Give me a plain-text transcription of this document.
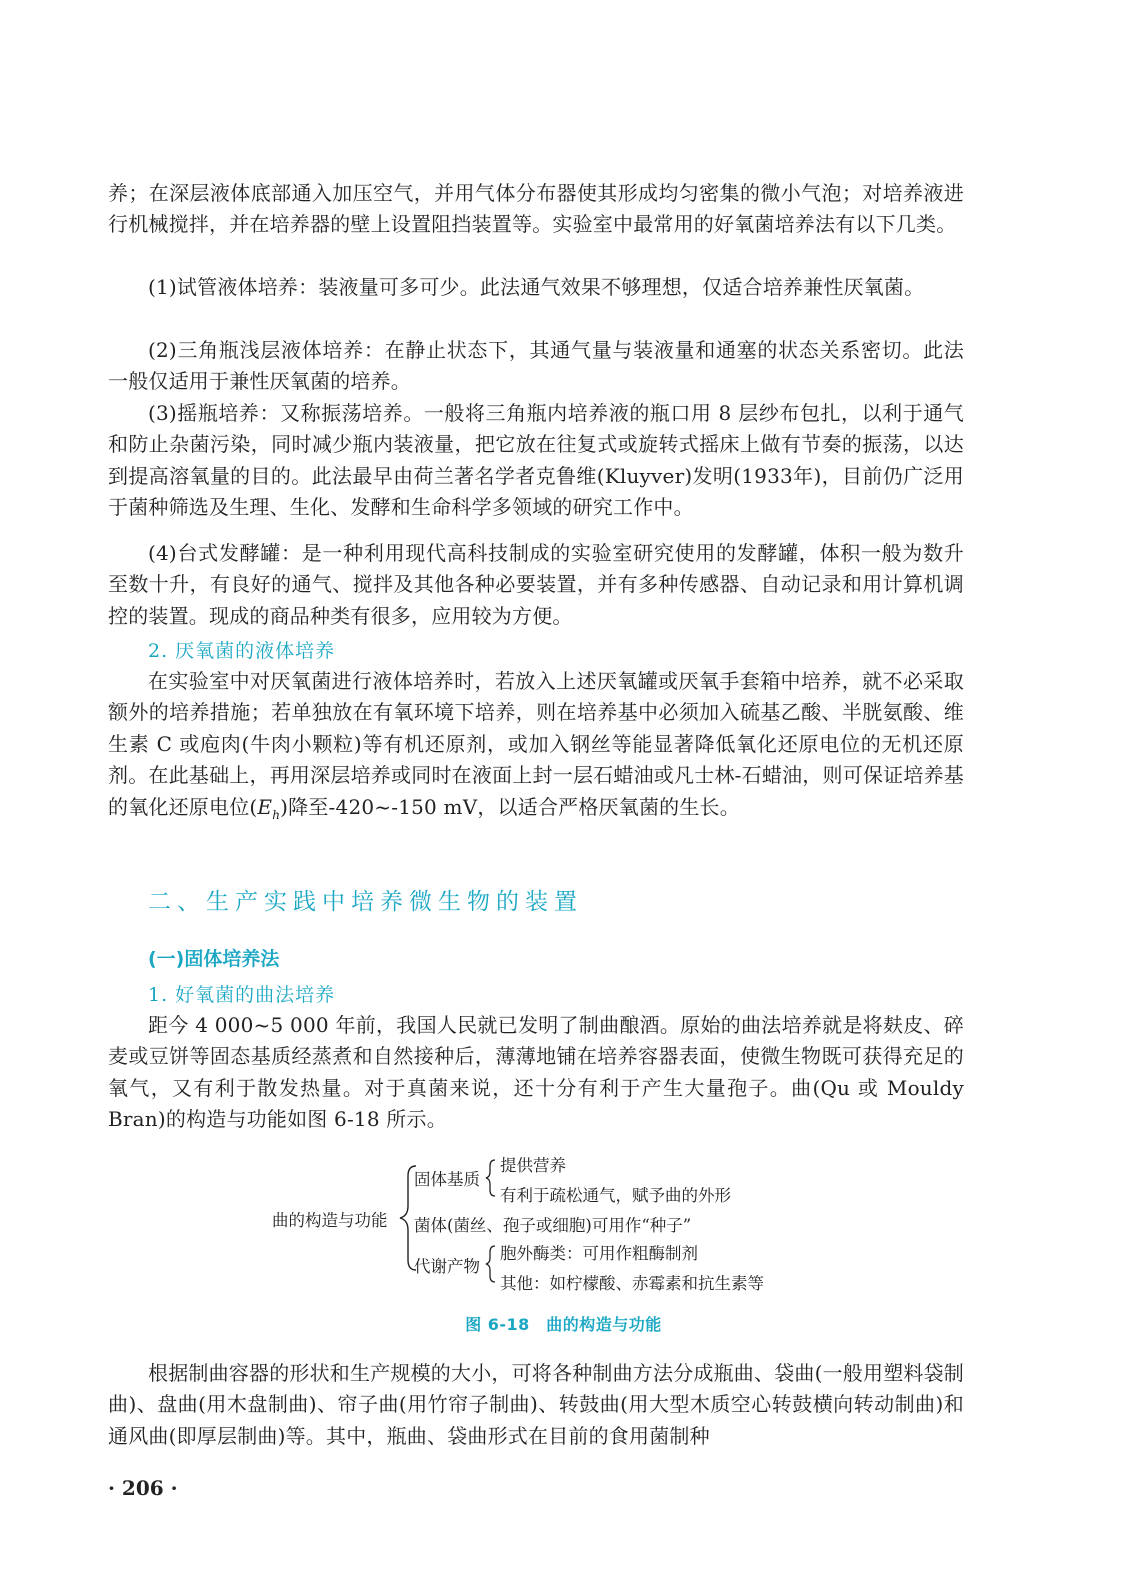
养；在深层液体底部通入加压空气，并用气体分布器使其形成均匀密集的微小气泡；对培养液进行机械搅拌，并在培养器的壁上设置阻挡装置等。实验室中最常用的好氧菌培养法有以下几类。

(1)试管液体培养：装液量可多可少。此法通气效果不够理想，仅适合培养兼性厌氧菌。

(2)三角瓶浅层液体培养：在静止状态下，其通气量与装液量和通塞的状态关系密切。此法一般仅适用于兼性厌氧菌的培养。

(3)摇瓶培养：又称振荡培养。一般将三角瓶内培养液的瓶口用 8 层纱布包扎，以利于通气和防止杂菌污染，同时减少瓶内装液量，把它放在往复式或旋转式摇床上做有节奏的振荡，以达到提高溶氧量的目的。此法最早由荷兰著名学者克鲁维(Kluyver)发明(1933年)，目前仍广泛用于菌种筛选及生理、生化、发酵和生命科学多领域的研究工作中。

(4)台式发酵罐：是一种利用现代高科技制成的实验室研究使用的发酵罐，体积一般为数升至数十升，有良好的通气、搅拌及其他各种必要装置，并有多种传感器、自动记录和用计算机调控的装置。现成的商品种类有很多，应用较为方便。

2. 厌氧菌的液体培养

在实验室中对厌氧菌进行液体培养时，若放入上述厌氧罐或厌氧手套箱中培养，就不必采取额外的培养措施；若单独放在有氧环境下培养，则在培养基中必须加入硫基乙酸、半胱氨酸、维生素 C 或庖肉(牛肉小颗粒)等有机还原剂，或加入钢丝等能显著降低氧化还原电位的无机还原剂。在此基础上，再用深层培养或同时在液面上封一层石蜡油或凡士林-石蜡油，则可保证培养基的氧化还原电位$(E_h)$降至-420~-150 mV，以适合严格厌氧菌的生长。

二、生产实践中培养微生物的装置
(一)固体培养法

1. 好氧菌的曲法培养

距今 4 000~5 000 年前，我国人民就已发明了制曲酿酒。原始的曲法培养就是将麸皮、碎麦或豆饼等固态基质经蒸煮和自然接种后，薄薄地铺在培养容器表面，使微生物既可获得充足的氧气，又有利于散发热量。对于真菌来说，还十分有利于产生大量孢子。曲(Qu 或 Mouldy Bran)的构造与功能如图 6-18 所示。

曲的构造与功能
固体基质
提供营养
有利于疏松通气，赋予曲的外形
菌体(菌丝、孢子或细胞)可用作“种子”
代谢产物
胞外酶类：可用作粗酶制剂
其他：如柠檬酸、赤霉素和抗生素等

图 6-18　曲的构造与功能

根据制曲容器的形状和生产规模的大小，可将各种制曲方法分成瓶曲、袋曲(一般用塑料袋制曲)、盘曲(用木盘制曲)、帘子曲(用竹帘子制曲)、转鼓曲(用大型木质空心转鼓横向转动制曲)和通风曲(即厚层制曲)等。其中，瓶曲、袋曲形式在目前的食用菌制种

· 206 ·
